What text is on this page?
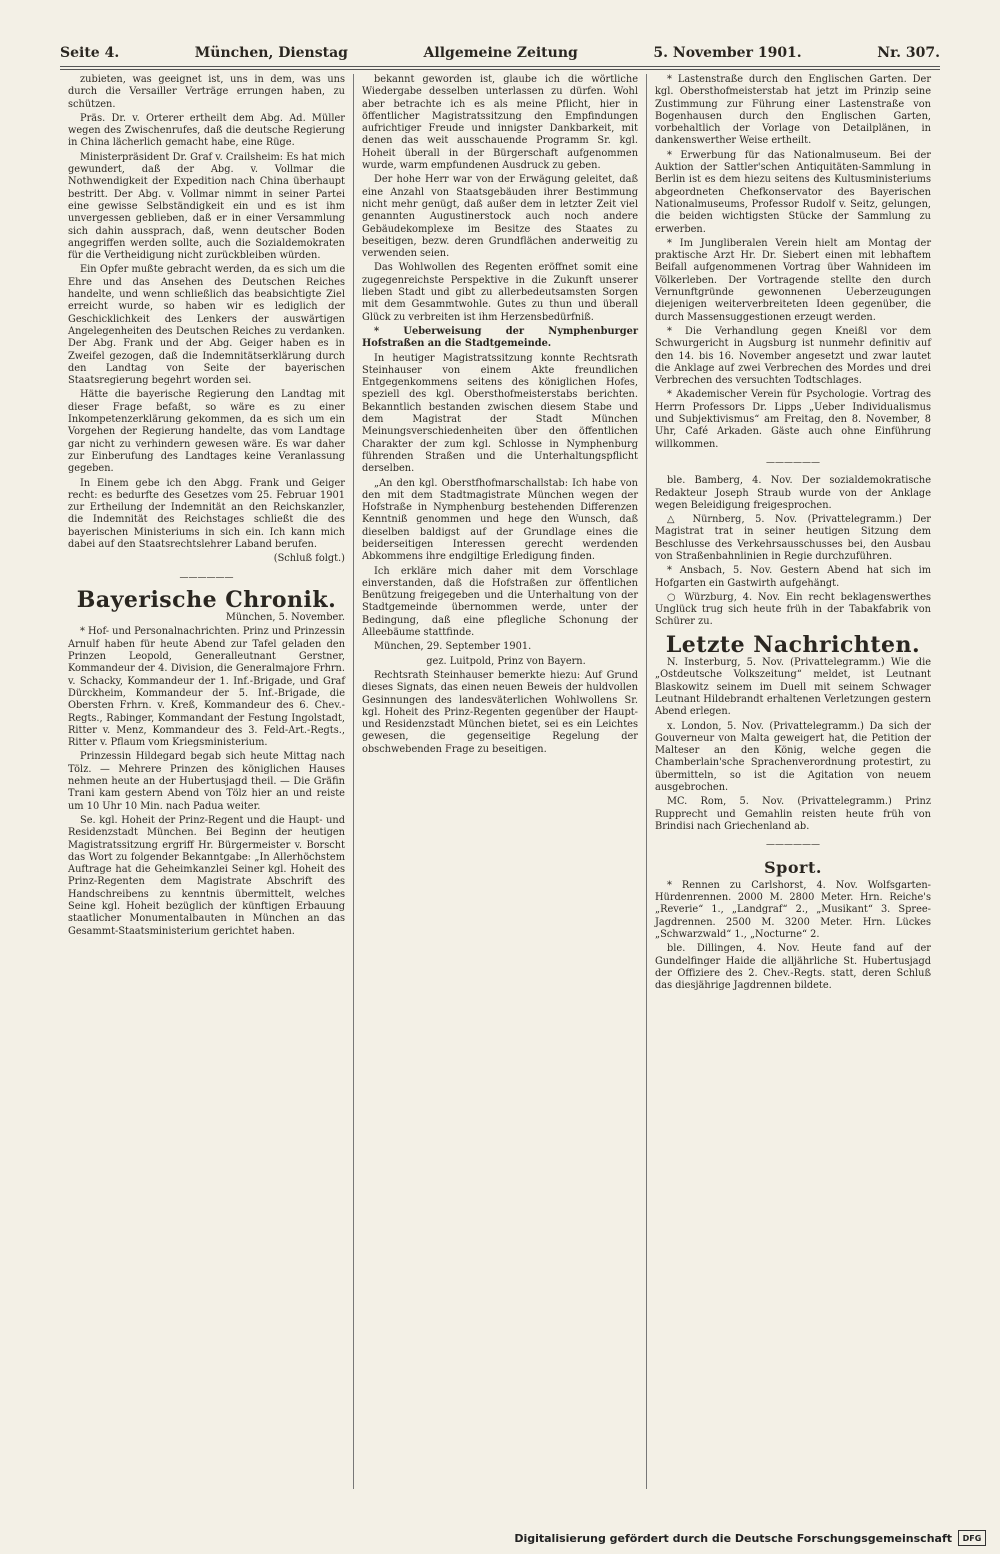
Seite 4.	München, Dienstag	Allgemeine Zeitung	5. November 1901.	Nr. 307.

zubieten, was geeignet ist, uns in dem, was uns durch die Versailler Verträge errungen haben, zu schützen.

Präs. Dr. v. Orterer ertheilt dem Abg. Ad. Müller wegen des Zwischenrufes, daß die deutsche Regierung in China lächerlich gemacht habe, eine Rüge.

Ministerpräsident Dr. Graf v. Crailsheim: Es hat mich gewundert, daß der Abg. v. Vollmar die Nothwendigkeit der Expedition nach China überhaupt bestritt. Der Abg. v. Vollmar nimmt in seiner Partei eine gewisse Selbständigkeit ein und es ist ihm unvergessen geblieben, daß er in einer Versammlung sich dahin aussprach, daß, wenn deutscher Boden angegriffen werden sollte, auch die Sozialdemokraten für die Vertheidigung nicht zurückbleiben würden.

Ein Opfer mußte gebracht werden, da es sich um die Ehre und das Ansehen des Deutschen Reiches handelte, und wenn schließlich das beabsichtigte Ziel erreicht wurde, so haben wir es lediglich der Geschicklichkeit des Lenkers der auswärtigen Angelegenheiten des Deutschen Reiches zu verdanken. Der Abg. Frank und der Abg. Geiger haben es in Zweifel gezogen, daß die Indemnitätserklärung durch den Landtag von Seite der bayerischen Staatsregierung begehrt worden sei.

Hätte die bayerische Regierung den Landtag mit dieser Frage befaßt, so wäre es zu einer Inkompetenzerklärung gekommen, da es sich um ein Vorgehen der Regierung handelte, das vom Landtage gar nicht zu verhindern gewesen wäre. Es war daher zur Einberufung des Landtages keine Veranlassung gegeben.

In Einem gebe ich den Abgg. Frank und Geiger recht: es bedurfte des Gesetzes vom 25. Februar 1901 zur Ertheilung der Indemnität an den Reichskanzler, die Indemnität des Reichstages schließt die des bayerischen Ministeriums in sich ein. Ich kann mich dabei auf den Staatsrechtslehrer Laband berufen.

(Schluß folgt.)

——————
Bayerische Chronik.

München, 5. November.

* Hof- und Personalnachrichten. Prinz und Prinzessin Arnulf haben für heute Abend zur Tafel geladen den Prinzen Leopold, Generalleutnant Gerstner, Kommandeur der 4. Division, die Generalmajore Frhrn. v. Schacky, Kommandeur der 1. Inf.-Brigade, und Graf Dürckheim, Kommandeur der 5. Inf.-Brigade, die Obersten Frhrn. v. Kreß, Kommandeur des 6. Chev.-Regts., Rabinger, Kommandant der Festung Ingolstadt, Ritter v. Menz, Kommandeur des 3. Feld-Art.-Regts., Ritter v. Pflaum vom Kriegsministerium.

Prinzessin Hildegard begab sich heute Mittag nach Tölz. — Mehrere Prinzen des königlichen Hauses nehmen heute an der Hubertusjagd theil. — Die Gräfin Trani kam gestern Abend von Tölz hier an und reiste um 10 Uhr 10 Min. nach Padua weiter.

Se. kgl. Hoheit der Prinz-Regent und die Haupt- und Residenzstadt München. Bei Beginn der heutigen Magistratssitzung ergriff Hr. Bürgermeister v. Borscht das Wort zu folgender Bekanntgabe: „In Allerhöchstem Auftrage hat die Geheimkanzlei Seiner kgl. Hoheit des Prinz-Regenten dem Magistrate Abschrift des Handschreibens zu kenntnis übermittelt, welches Seine kgl. Hoheit bezüglich der künftigen Erbauung staatlicher Monumentalbauten in München an das Gesammt-Staatsministerium gerichtet haben.

bekannt geworden ist, glaube ich die wörtliche Wiedergabe desselben unterlassen zu dürfen. Wohl aber betrachte ich es als meine Pflicht, hier in öffentlicher Magistratssitzung den Empfindungen aufrichtiger Freude und innigster Dankbarkeit, mit denen das weit ausschauende Programm Sr. kgl. Hoheit überall in der Bürgerschaft aufgenommen wurde, warm empfundenen Ausdruck zu geben.

Der hohe Herr war von der Erwägung geleitet, daß eine Anzahl von Staatsgebäuden ihrer Bestimmung nicht mehr genügt, daß außer dem in letzter Zeit viel genannten Augustinerstock auch noch andere Gebäudekomplexe im Besitze des Staates zu beseitigen, bezw. deren Grundflächen anderweitig zu verwenden seien.

Das Wohlwollen des Regenten eröffnet somit eine zugegenreichste Perspektive in die Zukunft unserer lieben Stadt und gibt zu allerbedeutsamsten Sorgen mit dem Gesammtwohle. Gutes zu thun und überall Glück zu verbreiten ist ihm Herzensbedürfniß.

* Ueberweisung der Nymphenburger Hofstraßen an die Stadtgemeinde.

In heutiger Magistratssitzung konnte Rechtsrath Steinhauser von einem Akte freundlichen Entgegenkommens seitens des königlichen Hofes, speziell des kgl. Obersthofmeisterstabs berichten. Bekanntlich bestanden zwischen diesem Stabe und dem Magistrat der Stadt München Meinungsverschiedenheiten über den öffentlichen Charakter der zum kgl. Schlosse in Nymphenburg führenden Straßen und die Unterhaltungspflicht derselben.

„An den kgl. Oberstfhofmarschallstab: Ich habe von den mit dem Stadtmagistrate München wegen der Hofstraße in Nymphenburg bestehenden Differenzen Kenntniß genommen und hege den Wunsch, daß dieselben baldigst auf der Grundlage eines die beiderseitigen Interessen gerecht werdenden Abkommens ihre endgiltige Erledigung finden.

Ich erkläre mich daher mit dem Vorschlage einverstanden, daß die Hofstraßen zur öffentlichen Benützung freigegeben und die Unterhaltung von der Stadtgemeinde übernommen werde, unter der Bedingung, daß eine pflegliche Schonung der Alleebäume stattfinde.

München, 29. September 1901.

gez. Luitpold, Prinz von Bayern.

Rechtsrath Steinhauser bemerkte hiezu: Auf Grund dieses Signats, das einen neuen Beweis der huldvollen Gesinnungen des landesväterlichen Wohlwollens Sr. kgl. Hoheit des Prinz-Regenten gegenüber der Haupt- und Residenzstadt München bietet, sei es ein Leichtes gewesen, die gegenseitige Regelung der obschwebenden Frage zu beseitigen.

* Lastenstraße durch den Englischen Garten. Der kgl. Obersthofmeisterstab hat jetzt im Prinzip seine Zustimmung zur Führung einer Lastenstraße von Bogenhausen durch den Englischen Garten, vorbehaltlich der Vorlage von Detailplänen, in dankenswerther Weise ertheilt.

* Erwerbung für das Nationalmuseum. Bei der Auktion der Sattler'schen Antiquitäten-Sammlung in Berlin ist es dem hiezu seitens des Kultusministeriums abgeordneten Chefkonservator des Bayerischen Nationalmuseums, Professor Rudolf v. Seitz, gelungen, die beiden wichtigsten Stücke der Sammlung zu erwerben.

* Im Jungliberalen Verein hielt am Montag der praktische Arzt Hr. Dr. Siebert einen mit lebhaftem Beifall aufgenommenen Vortrag über Wahnideen im Völkerleben. Der Vortragende stellte den durch Vernunftgründe gewonnenen Ueberzeugungen diejenigen weiterverbreiteten Ideen gegenüber, die durch Massensuggestionen erzeugt werden.

* Die Verhandlung gegen Kneißl vor dem Schwurgericht in Augsburg ist nunmehr definitiv auf den 14. bis 16. November angesetzt und zwar lautet die Anklage auf zwei Verbrechen des Mordes und drei Verbrechen des versuchten Todtschlages.

* Akademischer Verein für Psychologie. Vortrag des Herrn Professors Dr. Lipps „Ueber Individualismus und Subjektivismus“ am Freitag, den 8. November, 8 Uhr, Café Arkaden. Gäste auch ohne Einführung willkommen.

——————

ble. Bamberg, 4. Nov. Der sozialdemokratische Redakteur Joseph Straub wurde von der Anklage wegen Beleidigung freigesprochen.

△ Nürnberg, 5. Nov. (Privattelegramm.) Der Magistrat trat in seiner heutigen Sitzung dem Beschlusse des Verkehrsausschusses bei, den Ausbau von Straßenbahnlinien in Regie durchzuführen.

* Ansbach, 5. Nov. Gestern Abend hat sich im Hofgarten ein Gastwirth aufgehängt.

○ Würzburg, 4. Nov. Ein recht beklagenswerthes Unglück trug sich heute früh in der Tabakfabrik von Schürer zu.

Letzte Nachrichten.

N. Insterburg, 5. Nov. (Privattelegramm.) Wie die „Ostdeutsche Volkszeitung“ meldet, ist Leutnant Blaskowitz seinem im Duell mit seinem Schwager Leutnant Hildebrandt erhaltenen Verletzungen gestern Abend erlegen.

x. London, 5. Nov. (Privattelegramm.) Da sich der Gouverneur von Malta geweigert hat, die Petition der Malteser an den König, welche gegen die Chamberlain'sche Sprachenverordnung protestirt, zu übermitteln, so ist die Agitation von neuem ausgebrochen.

MC. Rom, 5. Nov. (Privattelegramm.) Prinz Rupprecht und Gemahlin reisten heute früh von Brindisi nach Griechenland ab.

——————
Sport.

* Rennen zu Carlshorst, 4. Nov. Wolfsgarten-Hürdenrennen. 2000 M. 2800 Meter. Hrn. Reiche's „Reverie“ 1., „Landgraf“ 2., „Musikant“ 3. Spree-Jagdrennen. 2500 M. 3200 Meter. Hrn. Lückes „Schwarzwald“ 1., „Nocturne“ 2.

ble. Dillingen, 4. Nov. Heute fand auf der Gundelfinger Haide die alljährliche St. Hubertusjagd der Offiziere des 2. Chev.-Regts. statt, deren Schluß das diesjährige Jagdrennen bildete.

Digitalisierung gefördert durch die Deutsche Forschungsgemeinschaft	DFG
